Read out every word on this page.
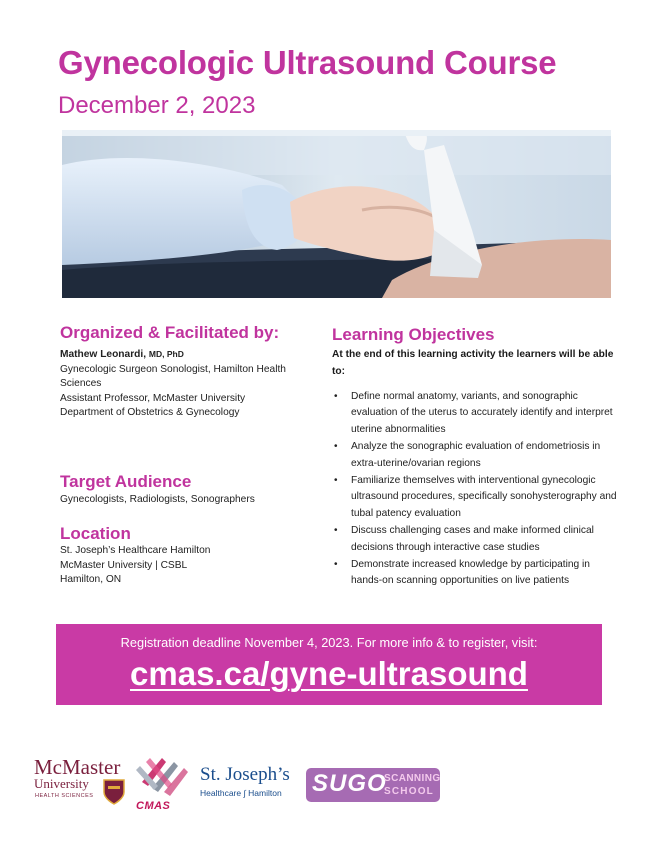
Gynecologic Ultrasound Course
December 2, 2023
Organized & Facilitated by:
Mathew Leonardi, MD, PhD
Gynecologic Surgeon Sonologist, Hamilton Health Sciences
Assistant Professor, McMaster University
Department of Obstetrics & Gynecology
Target Audience
Gynecologists, Radiologists, Sonographers
Location
St. Joseph’s Healthcare Hamilton
McMaster University | CSBL
Hamilton, ON
Learning Objectives
At the end of this learning activity the learners will be able to:
• Define normal anatomy, variants, and sonographic evaluation of the uterus to accurately identify and interpret uterine abnormalities
• Analyze the sonographic evaluation of endometriosis in extra-uterine/ovarian regions
• Familiarize themselves with interventional gynecologic ultrasound procedures, specifically sonohysterography and tubal patency evaluation
• Discuss challenging cases and make informed clinical decisions through interactive case studies
• Demonstrate increased knowledge by participating in hands-on scanning opportunities on live patients
Registration deadline November 4, 2023. For more info & to register, visit:
cmas.ca/gyne-ultrasound
McMaster
University
HEALTH SCIENCES
CMAS
St. Joseph’s
Healthcare ∫ Hamilton SUGO
SCANNING
SCHOOL
